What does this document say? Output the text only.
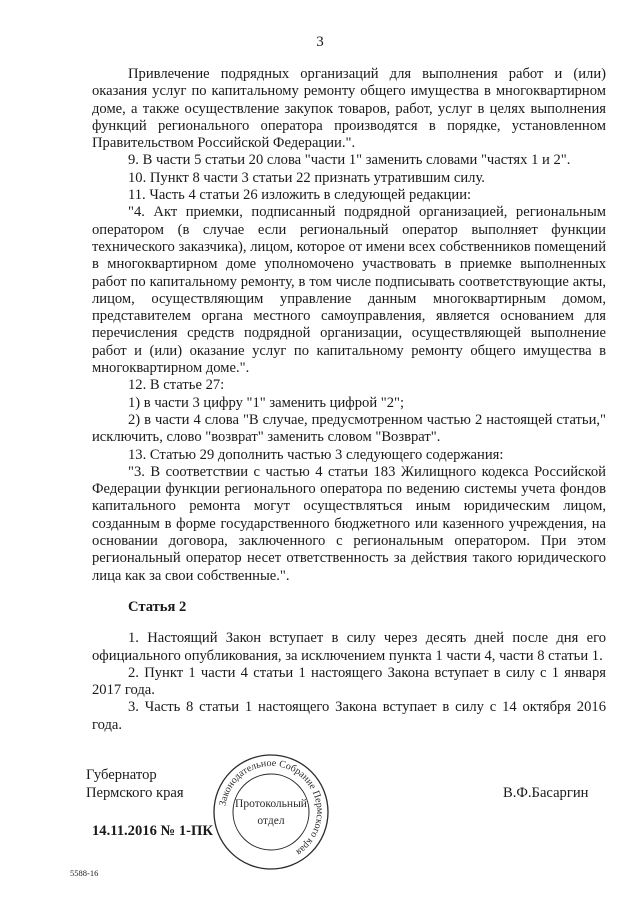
3

Привлечение подрядных организаций для выполнения работ и (или) оказания услуг по капитальному ремонту общего имущества в многоквартирном доме, а также осуществление закупок товаров, работ, услуг в целях выполнения функций регионального оператора производятся в порядке, установленном Правительством Российской Федерации.".

9. В части 5 статьи 20 слова "части 1" заменить словами "частях 1 и 2".

10. Пункт 8 части 3 статьи 22 признать утратившим силу.

11. Часть 4 статьи 26 изложить в следующей редакции:

"4. Акт приемки, подписанный подрядной организацией, региональным оператором (в случае если региональный оператор выполняет функции технического заказчика), лицом, которое от имени всех собственников помещений в многоквартирном доме уполномочено участвовать в приемке выполненных работ по капитальному ремонту, в том числе подписывать соответствующие акты, лицом, осуществляющим управление данным многоквартирным домом, представителем органа местного самоуправления, является основанием для перечисления средств подрядной организации, осуществляющей выполнение работ и (или) оказание услуг по капитальному ремонту общего имущества в многоквартирном доме.".

12. В статье 27:

1) в части 3 цифру "1" заменить цифрой "2";

2) в части 4 слова "В случае, предусмотренном частью 2 настоящей статьи," исключить, слово "возврат" заменить словом "Возврат".

13. Статью 29 дополнить частью 3 следующего содержания:

"3. В соответствии с частью 4 статьи 183 Жилищного кодекса Российской Федерации функции регионального оператора по ведению системы учета фондов капитального ремонта могут осуществляться иным юридическим лицом, созданным в форме государственного бюджетного или казенного учреждения, на основании договора, заключенного с региональным оператором. При этом региональный оператор несет ответственность за действия такого юридического лица как за свои собственные.".

Статья 2

1. Настоящий Закон вступает в силу через десять дней после дня его официального опубликования, за исключением пункта 1 части 4, части 8 статьи 1.

2. Пункт 1 части 4 статьи 1 настоящего Закона вступает в силу с 1 января 2017 года.

3. Часть 8 статьи 1 настоящего Закона вступает в силу с 14 октября 2016 года.

Губернатор
Пермского края	В.Ф.Басаргин
Законодательное Собрание Пермского края
Протокольный
отдел
14.11.2016 № 1-ПК
5588-16
